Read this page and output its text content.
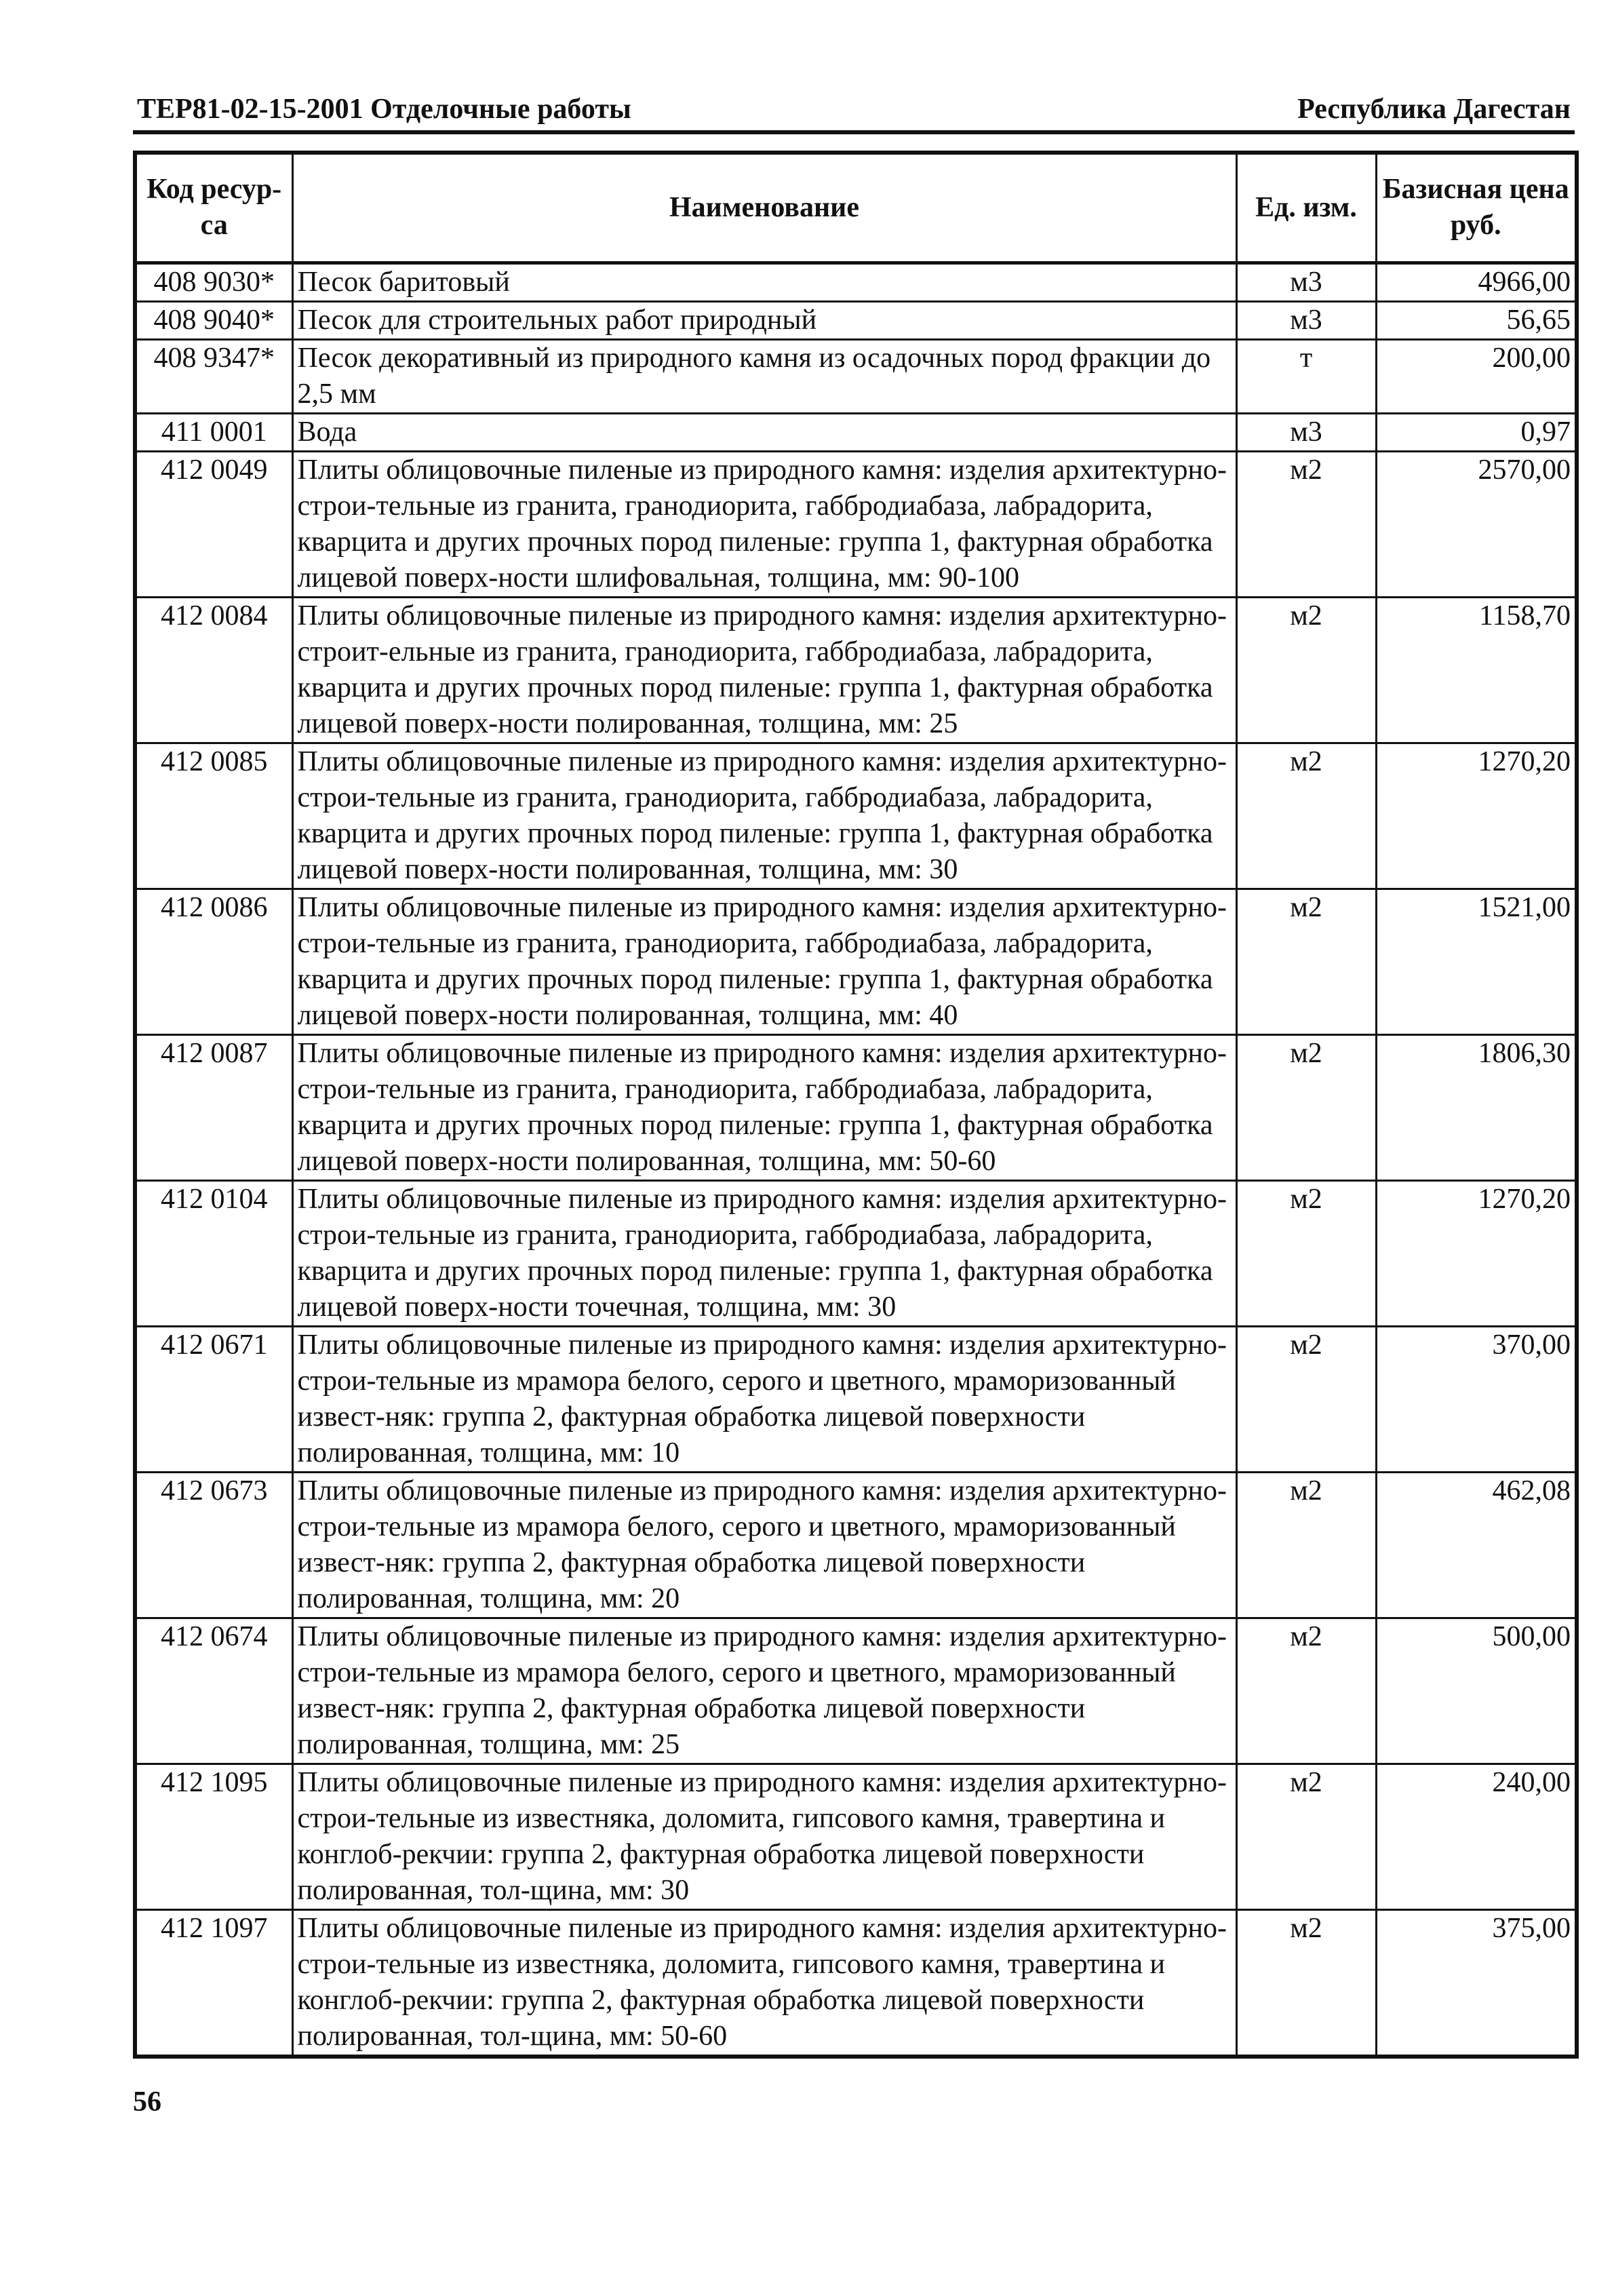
ТЕР81-02-15-2001 Отделочные работы	Республика Дагестан
Код ресур-са	Наименование	Ед. изм.	Базисная цена руб.
408 9030*	Песок баритовый	м3	4966,00
408 9040*	Песок для строительных работ природный	м3	56,65
408 9347*	Песок декоративный из природного камня из осадочных пород фракции до 2,5 мм	т	200,00
411 0001	Вода	м3	0,97
412 0049	Плиты облицовочные пиленые из природного камня: изделия архитектурно-строи-тельные из гранита, гранодиорита, габбродиабаза, лабрадорита, кварцита и других прочных пород пиленые: группа 1, фактурная обработка лицевой поверх-ности шлифовальная, толщина, мм: 90-100	м2	2570,00
412 0084	Плиты облицовочные пиленые из природного камня: изделия архитектурно-строит-ельные из гранита, гранодиорита, габбродиабаза, лабрадорита, кварцита и других прочных пород пиленые: группа 1, фактурная обработка лицевой поверх-ности полированная, толщина, мм: 25	м2	1158,70
412 0085	Плиты облицовочные пиленые из природного камня: изделия архитектурно-строи-тельные из гранита, гранодиорита, габбродиабаза, лабрадорита, кварцита и других прочных пород пиленые: группа 1, фактурная обработка лицевой поверх-ности полированная, толщина, мм: 30	м2	1270,20
412 0086	Плиты облицовочные пиленые из природного камня: изделия архитектурно-строи-тельные из гранита, гранодиорита, габбродиабаза, лабрадорита, кварцита и других прочных пород пиленые: группа 1, фактурная обработка лицевой поверх-ности полированная, толщина, мм: 40	м2	1521,00
412 0087	Плиты облицовочные пиленые из природного камня: изделия архитектурно-строи-тельные из гранита, гранодиорита, габбродиабаза, лабрадорита, кварцита и других прочных пород пиленые: группа 1, фактурная обработка лицевой поверх-ности полированная, толщина, мм: 50-60	м2	1806,30
412 0104	Плиты облицовочные пиленые из природного камня: изделия архитектурно-строи-тельные из гранита, гранодиорита, габбродиабаза, лабрадорита, кварцита и других прочных пород пиленые: группа 1, фактурная обработка лицевой поверх-ности точечная, толщина, мм: 30	м2	1270,20
412 0671	Плиты облицовочные пиленые из природного камня: изделия архитектурно-строи-тельные из мрамора белого, серого и цветного, мраморизованный извест-няк: группа 2, фактурная обработка лицевой поверхности полированная, толщина, мм: 10	м2	370,00
412 0673	Плиты облицовочные пиленые из природного камня: изделия архитектурно-строи-тельные из мрамора белого, серого и цветного, мраморизованный извест-няк: группа 2, фактурная обработка лицевой поверхности полированная, толщина, мм: 20	м2	462,08
412 0674	Плиты облицовочные пиленые из природного камня: изделия архитектурно-строи-тельные из мрамора белого, серого и цветного, мраморизованный извест-няк: группа 2, фактурная обработка лицевой поверхности полированная, толщина, мм: 25	м2	500,00
412 1095	Плиты облицовочные пиленые из природного камня: изделия архитектурно-строи-тельные из известняка, доломита, гипсового камня, травертина и конглоб-рекчии: группа 2, фактурная обработка лицевой поверхности полированная, тол-щина, мм: 30	м2	240,00
412 1097	Плиты облицовочные пиленые из природного камня: изделия архитектурно-строи-тельные из известняка, доломита, гипсового камня, травертина и конглоб-рекчии: группа 2, фактурная обработка лицевой поверхности полированная, тол-щина, мм: 50-60	м2	375,00
56
